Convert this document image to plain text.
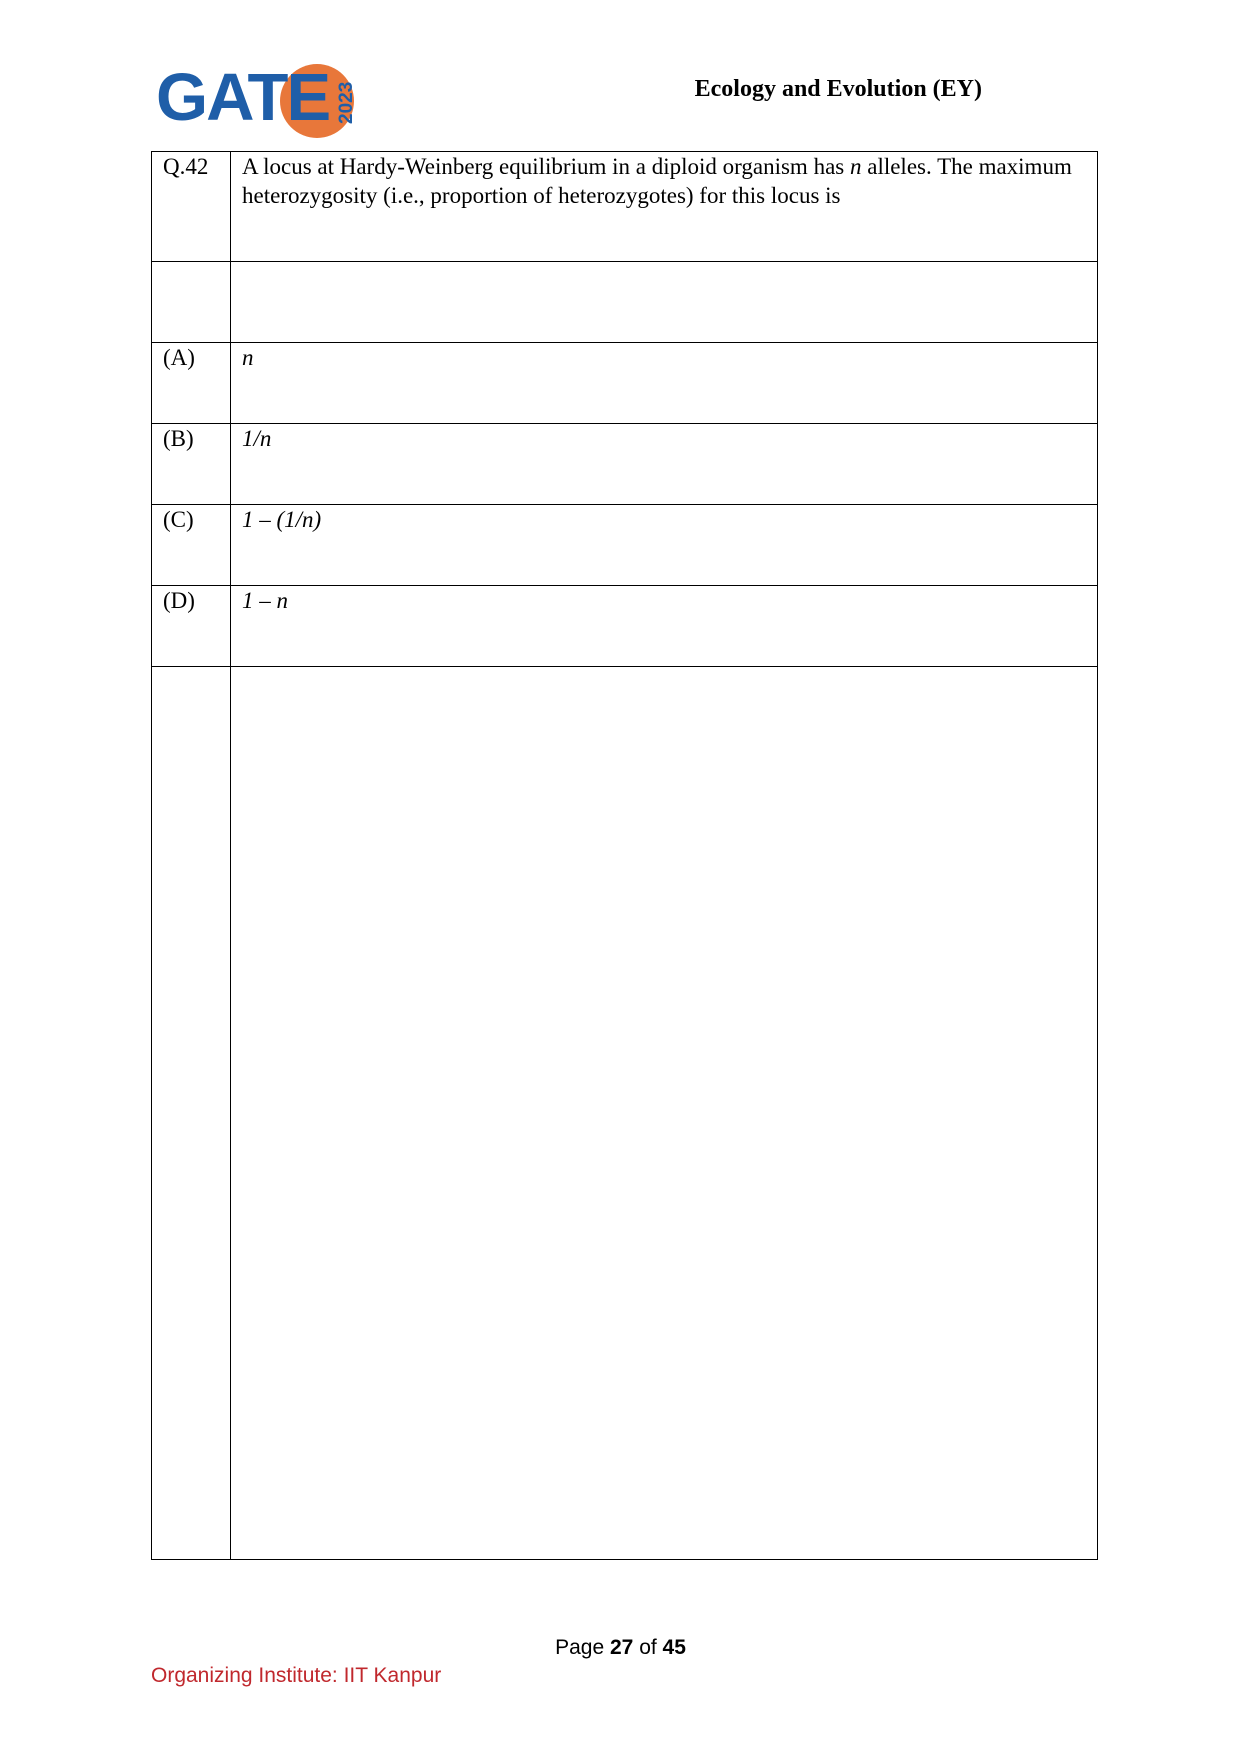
GATE 2023	Ecology and Evolution (EY)
Q.42	A locus at Hardy-Weinberg equilibrium in a diploid organism has n alleles. The maximum heterozygosity (i.e., proportion of heterozygotes) for this locus is

(A)	n
(B)	1/n
(C)	1 – (1/n)
(D)	1 – n

Page 27 of 45
Organizing Institute: IIT Kanpur
